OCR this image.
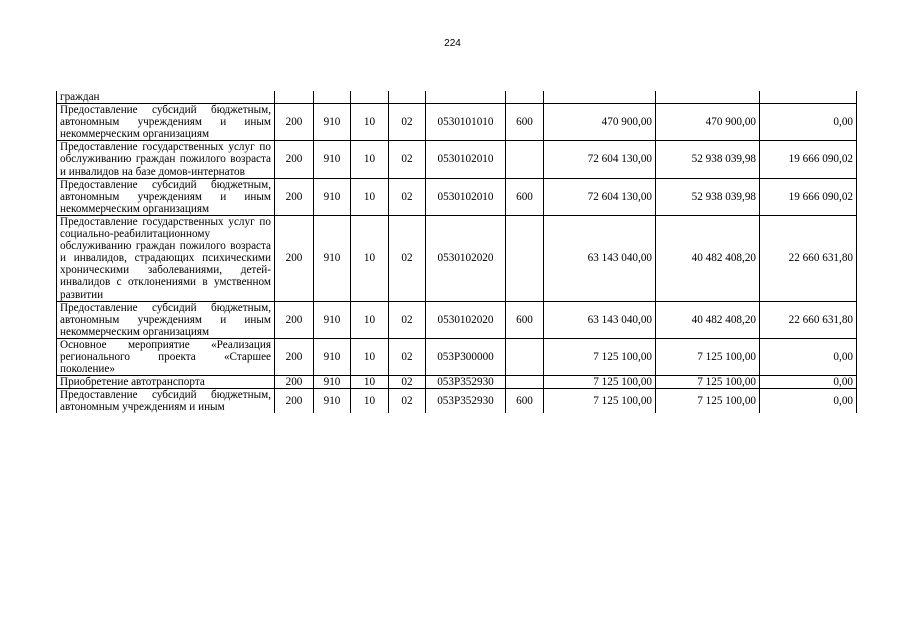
224
граждан									
Предоставление субсидий бюджетным, автономным учреждениям и иным некоммерческим организациям	200	910	10	02	0530101010	600	470 900,00	470 900,00	0,00
Предоставление государственных услуг по обслуживанию граждан пожилого возраста и инвалидов на базе домов-интернатов	200	910	10	02	0530102010		72 604 130,00	52 938 039,98	19 666 090,02
Предоставление субсидий бюджетным, автономным учреждениям и иным некоммерческим организациям	200	910	10	02	0530102010	600	72 604 130,00	52 938 039,98	19 666 090,02
Предоставление государственных услуг по социально-реабилитационному обслуживанию граждан пожилого возраста и инвалидов, страдающих психическими хроническими заболеваниями, детей-инвалидов с отклонениями в умственном развитии	200	910	10	02	0530102020		63 143 040,00	40 482 408,20	22 660 631,80
Предоставление субсидий бюджетным, автономным учреждениям и иным некоммерческим организациям	200	910	10	02	0530102020	600	63 143 040,00	40 482 408,20	22 660 631,80
Основное мероприятие «Реализация регионального проекта «Старшее поколение»	200	910	10	02	053P300000		7 125 100,00	7 125 100,00	0,00
Приобретение автотранспорта	200	910	10	02	053P352930		7 125 100,00	7 125 100,00	0,00
Предоставление субсидий бюджетным, автономным учреждениям и иным	200	910	10	02	053P352930	600	7 125 100,00	7 125 100,00	0,00
